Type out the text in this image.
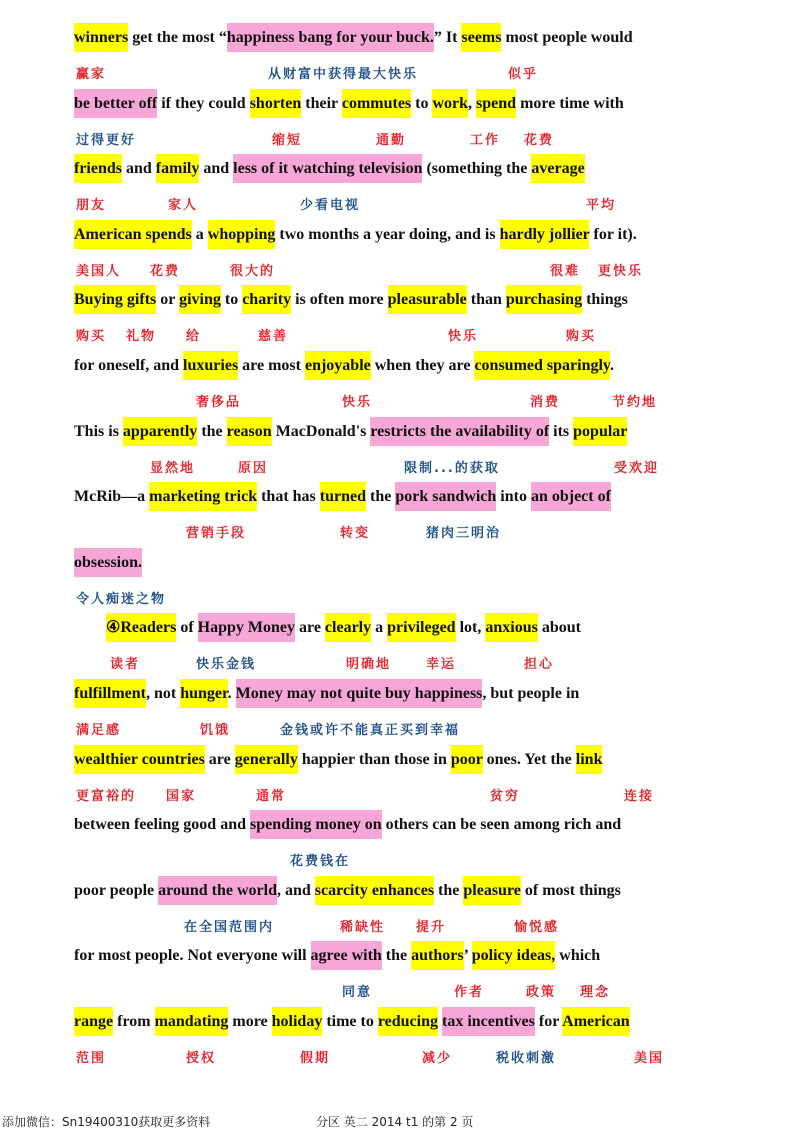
winners get the most “happiness bang for your buck.” It seems most people would
赢家	从财富中获得最大快乐	似乎
be better off if they could shorten their commutes to work, spend more time with
过得更好	缩短	通勤	工作 花费
friends and family and less of it watching television (something the average
朋友	家人	少看电视	平均
American spends a whopping two months a year doing, and is hardly jollier for it).
美国人 花费	很大的	很难 更快乐
Buying gifts or giving to charity is often more pleasurable than purchasing things
购买 礼物 给	慈善	快乐	购买
for oneself, and luxuries are most enjoyable when they are consumed sparingly.
奢侈品	快乐	消费	节约地
This is apparently the reason MacDonald's restricts the availability of its popular
显然地	原因	限制...的获取	受欢迎
McRib—a marketing trick that has turned the pork sandwich into an object of
营销手段	转变	猪肉三明治
obsession.
令人痴迷之物
④Readers of Happy Money are clearly a privileged lot, anxious about
读者	快乐金钱	明确地	幸运	担心
fulfillment, not hunger. Money may not quite buy happiness, but people in
满足感	饥饿	金钱或许不能真正买到幸福
wealthier countries are generally happier than those in poor ones. Yet the link
更富裕的 国家	通常	贫穷	连接
between feeling good and spending money on others can be seen among rich and
花费钱在
poor people around the world, and scarcity enhances the pleasure of most things
在全国范围内	稀缺性 提升	愉悦感
for most people. Not everyone will agree with the authors’ policy ideas, which
同意	作者	政策 理念
range from mandating more holiday time to reducing tax incentives for American
范围	授权	假期	减少	税收刺激	美国
添加微信：Sn19400310获取更多资料	分区 英二 2014 t1 的第 2 页
